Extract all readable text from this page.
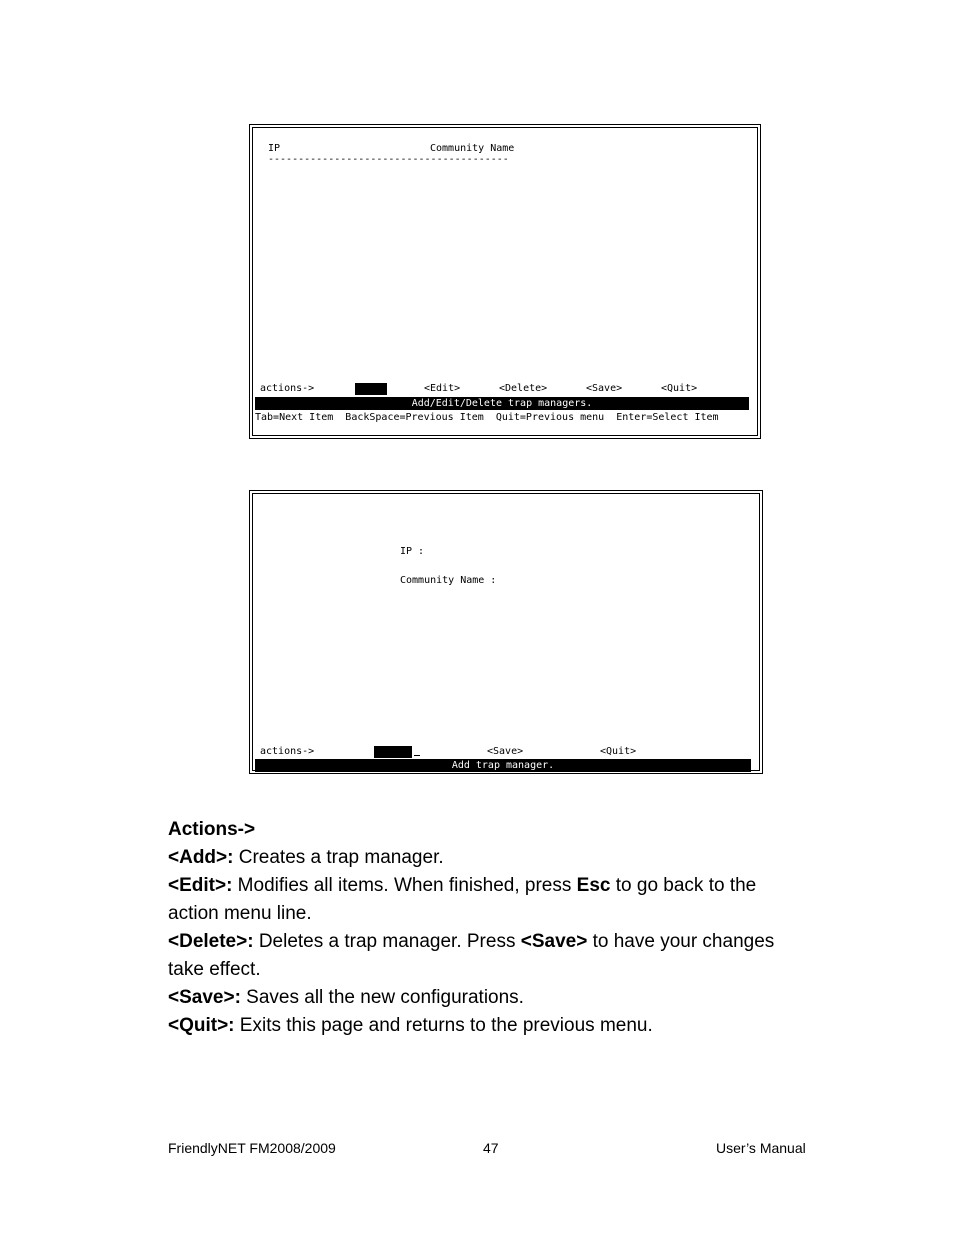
IP	Community Name
----------------------------------------
actions->	<Add>	<Edit>	<Delete>	<Save>	<Quit>
Add/Edit/Delete trap managers.
Tab=Next Item  BackSpace=Previous Item  Quit=Previous menu  Enter=Select Item
IP :
Community Name :
actions->	<Edit>	<Save>	<Quit>
Add trap manager.

Actions->

<Add>: Creates a trap manager.

<Edit>: Modifies all items. When finished, press Esc to go back to the action menu line.

<Delete>: Deletes a trap manager. Press <Save> to have your changes take effect.

<Save>: Saves all the new configurations.

<Quit>: Exits this page and returns to the previous menu.

FriendlyNET FM2008/2009	47	User’s Manual
